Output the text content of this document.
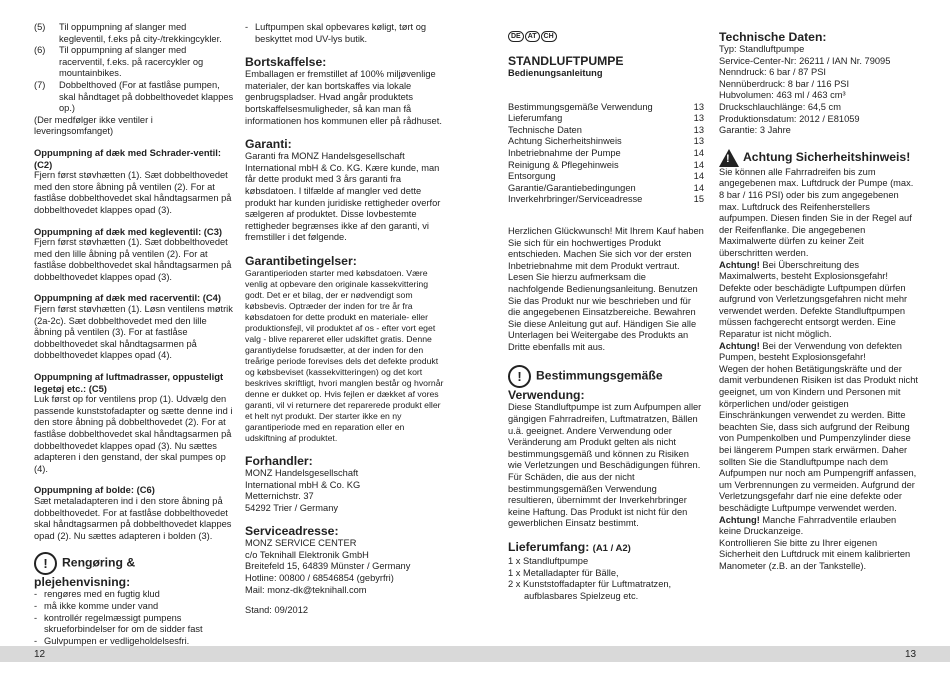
(5)	Til oppumpning af slanger med kegleventil, f.eks på city-/trekkingcykler.
(6)	Til oppumpning af slanger med racerventil, f.eks. på racercykler og mountainbikes.
(7)	Dobbelthoved (For at fastlåse pumpen, skal håndtaget på dobbelthovedet klappes op.)

(Der medfølger ikke ventiler i leveringsomfanget)

Oppumpning af dæk med Schrader-ventil: (C2)

Fjern først støvhætten (1). Sæt dobbelthovedet med den store åbning på ventilen (2). For at fastlåse dobbelthovedet skal håndtagsarmen på dobbelthovedet klappes opad (3).

Oppumpning af dæk med kegleventil: (C3)

Fjern først støvhætten (1). Sæt dobbelthovedet med den lille åbning på ventilen (2). For at fastlåse dobbelthovedet skal håndtagsarmen på dobbelthovedet klappes opad (3).

Oppumpning af dæk med racerventil: (C4)

Fjern først støvhætten (1). Løsn ventilens møtrik (2a-2c). Sæt dobbelthovedet med den lille åbning på ventilen (3). For at fastlåse dobbelthovedet skal håndtagsarmen på dobbelthovedet klappes opad (4).

Oppumpning af luftmadrasser, oppusteligt legetøj etc.: (C5)

Luk først op for ventilens prop (1). Udvælg den passende kunststofadapter og sætte denne ind i den store åbning på dobbelthovedet (2). For at fastlåse dobbelthovedet skal håndtagsarmen på dobbelthovedet klappes opad (3). Nu sættes adapteren i den genstand, der skal pumpes op (4).

Oppumpning af bolde: (C6)

Sæt metaladapteren ind i den store åbning på dobbelthovedet. For at fastlåse dobbelthovedet skal håndtagsarmen på dobbelthovedet klappes opad (2). Nu sættes adapteren i bolden (3).

! Rengøring & plejehenvisning:
- rengøres med en fugtig klud
- må ikke komme under vand
- kontrollér regelmæssigt pumpens skrueforbindelser for om de sidder fast
- Gulvpumpen er vedligeholdelsesfri.
- Luftpumpen skal opbevares køligt, tørt og beskyttet mod UV-lys butik.
Bortskaffelse:

Emballagen er fremstillet af 100% miljøvenlige materialer, der kan bortskaffes via lokale genbrugspladser. Hvad angår produktets bortskaffelsesmuligheder, så kan man få informationen hos kommunen eller på rådhuset.

Garanti:

Garanti fra MONZ Handelsgesellschaft International mbH & Co. KG. Kære kunde, man får dette produkt med 3 års garanti fra købsdatoen. I tilfælde af mangler ved dette produkt har kunden juridiske rettigheder overfor sælgeren af produktet. Disse lovbestemte rettigheder begrænses ikke af den garanti, vi fremstiller i det følgende.

Garantibetingelser:

Garantiperioden starter med købsdatoen. Være venlig at opbevare den originale kassekvittering godt. Det er et bilag, der er nødvendigt som købsbevis. Optræder der inden for tre år fra købsdatoen for dette produkt en materiale- eller produktionsfejl, vil produktet af os - efter vort eget valg - blive repareret eller udskiftet gratis. Denne garantiydelse forudsætter, at der inden for den treårige periode forevises dels det defekte produkt og købsbeviset (kassekvitteringen) og det kort beskrives skriftligt, hvori manglen består og hvornår denne er dukket op. Hvis fejlen er dækket af vores garanti, vil vi returnere det reparerede produkt eller et helt nyt produkt. Der starter ikke en ny garantiperiode med en reparation eller en udskiftning af produktet.

Forhandler:

MONZ Handelsgesellschaft

International mbH & Co. KG

Metternichstr. 37

54292 Trier / Germany

Serviceadresse:

MONZ SERVICE CENTER

c/o Teknihall Elektronik GmbH

Breitefeld 15, 64839 Münster / Germany

Hotline: 00800 / 68546854 (gebyrfri)

Mail: monz-dk@teknihall.com

Stand: 09/2012

DE AT CH
STANDLUFTPUMPE
Bedienungsanleitung
Bestimmungsgemäße Verwendung	13
Lieferumfang	13
Technische Daten	13
Achtung Sicherheitshinweis	13
Inbetriebnahme der Pumpe	14
Reinigung & Pflegehinweis	14
Entsorgung	14
Garantie/Garantiebedingungen	14
Inverkehrbringer/Serviceadresse	15

Herzlichen Glückwunsch! Mit Ihrem Kauf haben Sie sich für ein hochwertiges Produkt entschieden. Machen Sie sich vor der ersten Inbetriebnahme mit dem Produkt vertraut. Lesen Sie hierzu aufmerksam die nachfolgende Bedienungsanleitung. Benutzen Sie das Produkt nur wie beschrieben und für die angegebenen Einsatzbereiche. Bewahren Sie diese Anleitung gut auf. Händigen Sie alle Unterlagen bei Weitergabe des Produkts an Dritte ebenfalls mit aus.

! Bestimmungsgemäße Verwendung:

Diese Standluftpumpe ist zum Aufpumpen aller gängigen Fahrradreifen, Luftmatratzen, Bällen u.ä. geeignet. Andere Verwendung oder Veränderung am Produkt gelten als nicht bestimmungsgemäß und können zu Risiken wie Verletzungen und Beschädigungen führen. Für Schäden, die aus der nicht bestimmungsgemäßen Verwendung resultieren, übernimmt der Inverkehrbringer keine Haftung. Das Produkt ist nicht für den gewerblichen Einsatz bestimmt.

Lieferumfang: (A1 / A2)

1 x Standluftpumpe

1 x Metalladapter für Bälle,

2 x Kunststoffadapter für Luftmatratzen,

aufblasbares Spielzeug etc.

Technische Daten:

Typ: Standluftpumpe

Service-Center-Nr: 26211 / IAN Nr. 79095

Nenndruck: 6 bar / 87 PSI

Nennüberdruck: 8 bar / 116 PSI

Hubvolumen: 463 ml / 463 cm³

Druckschlauchlänge: 64,5 cm

Produktionsdatum: 2012 / E81059

Garantie: 3 Jahre

!Achtung Sicherheitshinweis!

Sie können alle Fahrradreifen bis zum angegebenen max. Luftdruck der Pumpe (max. 8 bar / 116 PSI) oder bis zum angegebenen max. Luftdruck des Reifenherstellers aufpumpen. Diesen finden Sie in der Regel auf der Reifenflanke. Die angegebenen Maximalwerte dürfen zu keiner Zeit überschritten werden.

Achtung! Bei Überschreitung des Maximalwerts, besteht Explosionsgefahr!

Defekte oder beschädigte Luftpumpen dürfen aufgrund von Verletzungsgefahren nicht mehr verwendet werden. Defekte Standluftpumpen müssen fachgerecht entsorgt werden. Eine Reparatur ist nicht möglich.

Achtung! Bei der Verwendung von defekten Pumpen, besteht Explosionsgefahr!

Wegen der hohen Betätigungskräfte und der damit verbundenen Risiken ist das Produkt nicht geeignet, um von Kindern und Personen mit körperlichen und/oder geistigen Einschränkungen verwendet zu werden. Bitte beachten Sie, dass sich aufgrund der Reibung von Pumpenkolben und Pumpenzylinder diese bei längerem Pumpen stark erwärmen. Daher sollten Sie die Standluftpumpe nach dem Aufpumpen nur noch am Pumpengriff anfassen, um Verbrennungen zu vermeiden. Aufgrund der Verletzungsgefahr darf nie eine defekte oder beschädigte Luftpumpe verwendet werden.

Achtung! Manche Fahrradventile erlauben keine Druckanzeige.

Kontrollieren Sie bitte zu Ihrer eigenen Sicherheit den Luftdruck mit einem kalibrierten Manometer (z.B. an der Tankstelle).

12	13
